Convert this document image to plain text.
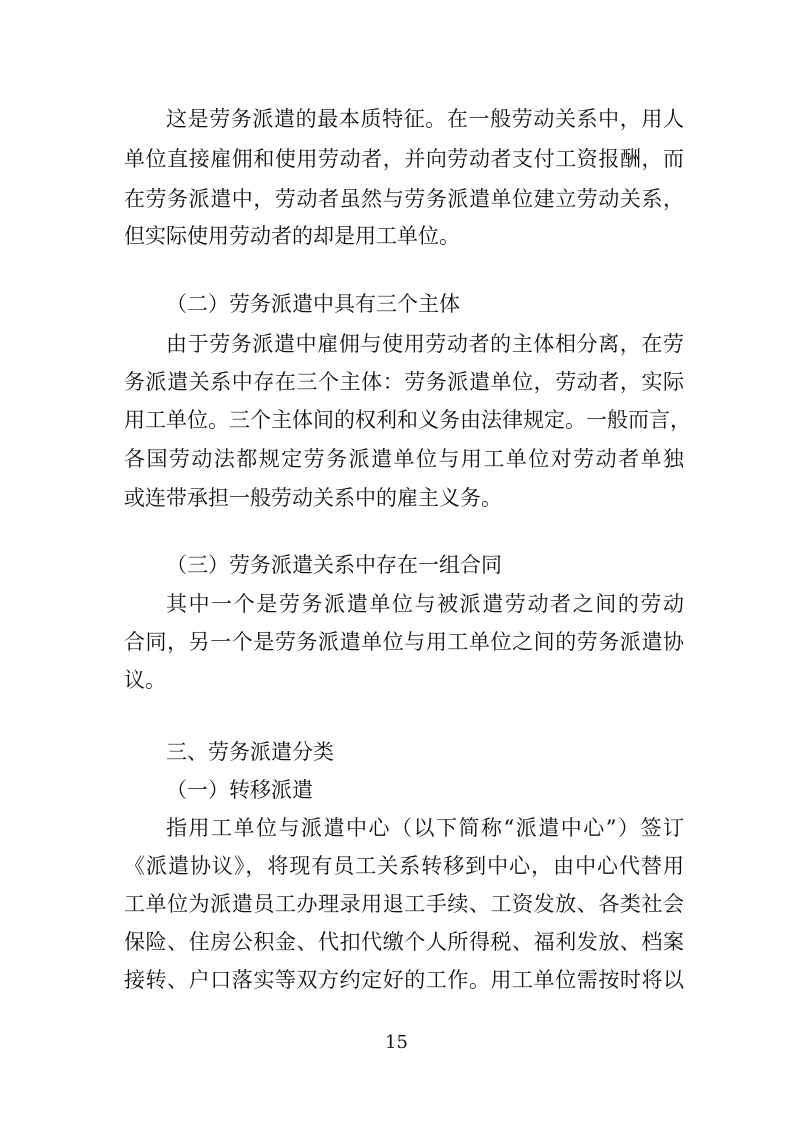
这是劳务派遣的最本质特征。在一般劳动关系中，用人
单位直接雇佣和使用劳动者，并向劳动者支付工资报酬，而
在劳务派遣中，劳动者虽然与劳务派遣单位建立劳动关系，
但实际使用劳动者的却是用工单位。
（二）劳务派遣中具有三个主体
由于劳务派遣中雇佣与使用劳动者的主体相分离，在劳
务派遣关系中存在三个主体：劳务派遣单位，劳动者，实际
用工单位。三个主体间的权利和义务由法律规定。一般而言，
各国劳动法都规定劳务派遣单位与用工单位对劳动者单独
或连带承担一般劳动关系中的雇主义务。
（三）劳务派遣关系中存在一组合同
其中一个是劳务派遣单位与被派遣劳动者之间的劳动
合同，另一个是劳务派遣单位与用工单位之间的劳务派遣协
议。
三、劳务派遣分类
（一）转移派遣
指用工单位与派遣中心（以下简称“派遣中心”）签订
《派遣协议》，将现有员工关系转移到中心，由中心代替用
工单位为派遣员工办理录用退工手续、工资发放、各类社会
保险、住房公积金、代扣代缴个人所得税、福利发放、档案
接转、户口落实等双方约定好的工作。用工单位需按时将以
15
